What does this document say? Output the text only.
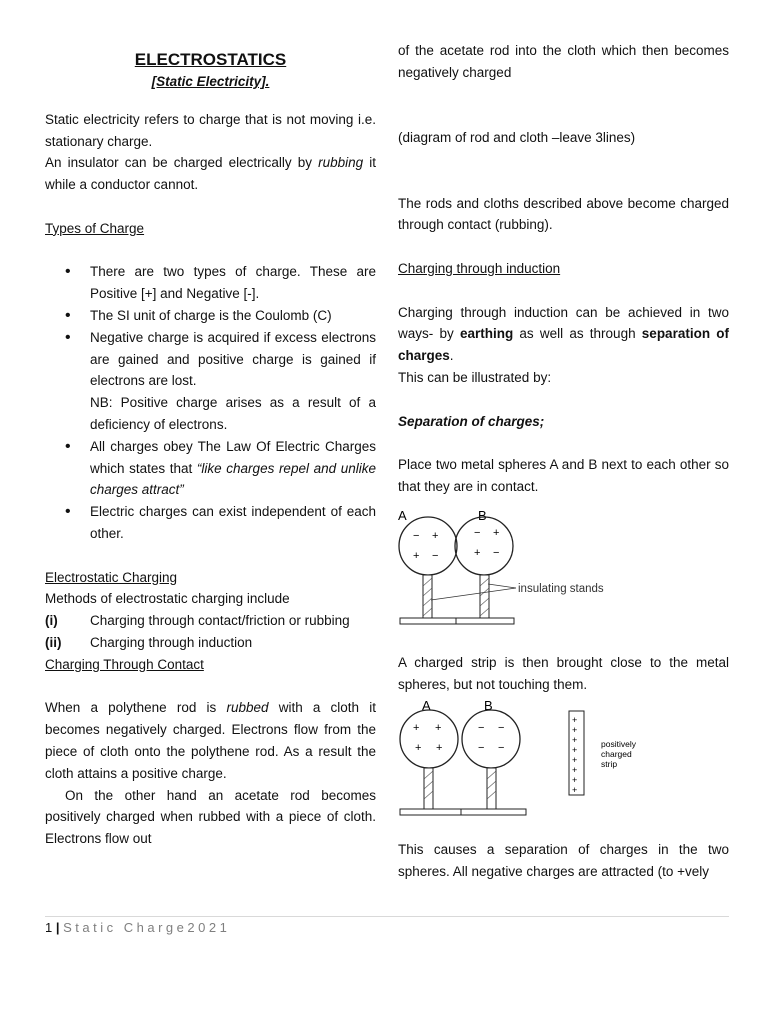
ELECTROSTATICS

[Static Electricity].

Static electricity refers to charge that is not moving i.e. stationary charge.

An insulator can be charged electrically by rubbing it while a conductor cannot.

Types of Charge

• There are two types of charge. These are Positive [+] and Negative [-].
• The SI unit of charge is the Coulomb (C)
• Negative charge is acquired if excess electrons are gained and positive charge is gained if electrons are lost.
NB: Positive charge arises as a result of a deficiency of electrons.
• All charges obey The Law Of Electric Charges which states that “like charges repel and unlike charges attract”
• Electric charges can exist independent of each other.

Electrostatic Charging

Methods of electrostatic charging include

(i)	Charging through contact/friction or rubbing
(ii)	Charging through induction

Charging Through Contact

When a polythene rod is rubbed with a cloth it becomes negatively charged. Electrons flow from the piece of cloth onto the polythene rod. As a result the cloth attains a positive charge.

On the other hand an acetate rod becomes positively charged when rubbed with a piece of cloth. Electrons flow out

of the acetate rod into the cloth which then becomes negatively charged

(diagram of rod and cloth –leave 3lines)

The rods and cloths described above become charged through contact (rubbing).

Charging through induction

Charging through induction can be achieved in two ways- by earthing as well as through separation of charges.

This can be illustrated by:

Separation of charges;

Place two metal spheres A and B next to each other so that they are in contact.

A	B
− +
+ −
− +
+ −
insulating stands

A charged strip is then brought close to the metal spheres, but not touching them.

A	B
+ +
+ +
− −
− −
+
+
+
+
+
+
+
+
positively
charged
strip

This causes a separation of charges in the two spheres. All negative charges are attracted (to +vely

1 | Static Charge2021
